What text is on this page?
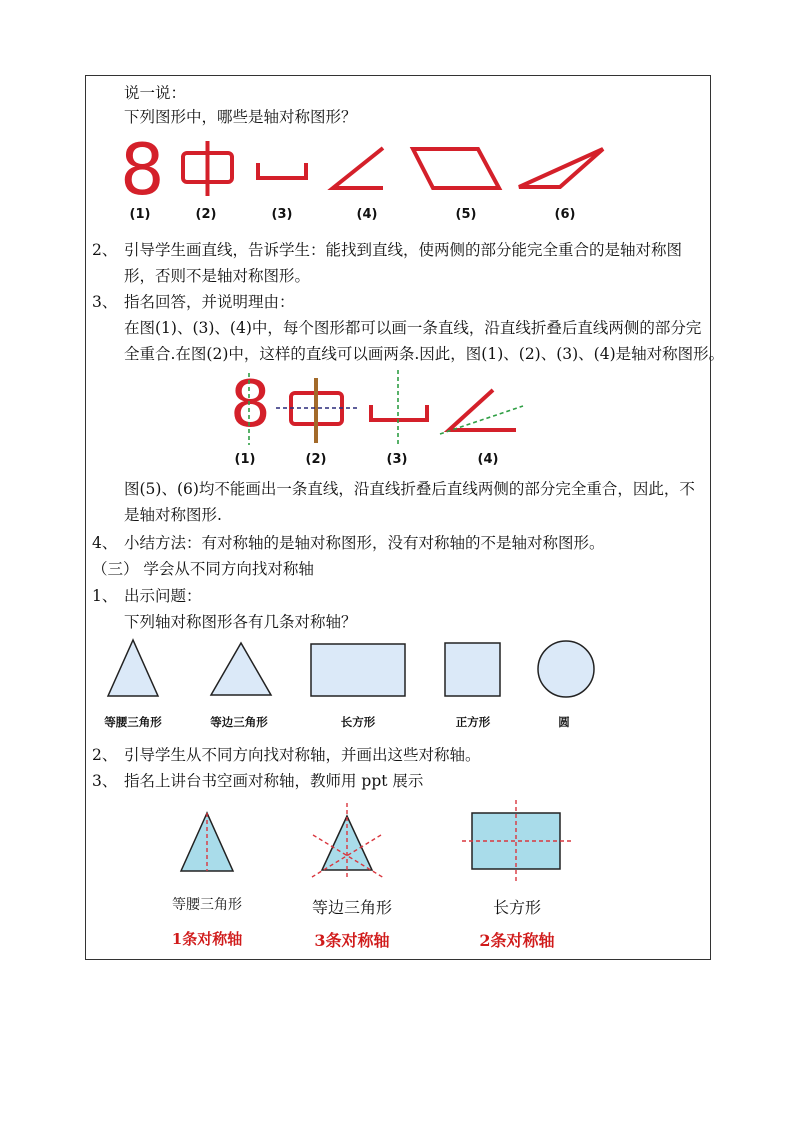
说一说：
下列图形中，哪些是轴对称图形？
8
(1)	(2)	(3)	(4)	(5)	(6)
2、 引导学生画直线，告诉学生：能找到直线，使两侧的部分能完全重合的是轴对称图
形，否则不是轴对称图形。
3、 指名回答，并说明理由：
在图(1)、(3)、(4)中，每个图形都可以画一条直线，沿直线折叠后直线两侧的部分完
全重合.在图(2)中，这样的直线可以画两条.因此，图(1)、(2)、(3)、(4)是轴对称图形。
8
(1)	(2)	(3)	(4)
图(5)、(6)均不能画出一条直线，沿直线折叠后直线两侧的部分完全重合，因此，不
是轴对称图形.
4、 小结方法：有对称轴的是轴对称图形，没有对称轴的不是轴对称图形。
（三） 学会从不同方向找对称轴
1、 出示问题：
下列轴对称图形各有几条对称轴？
等腰三角形	等边三角形	长方形	正方形	圆
2、 引导学生从不同方向找对称轴，并画出这些对称轴。
3、 指名上讲台书空画对称轴，教师用 ppt 展示
等腰三角形	等边三角形	长方形
1条对称轴	3条对称轴	2条对称轴
